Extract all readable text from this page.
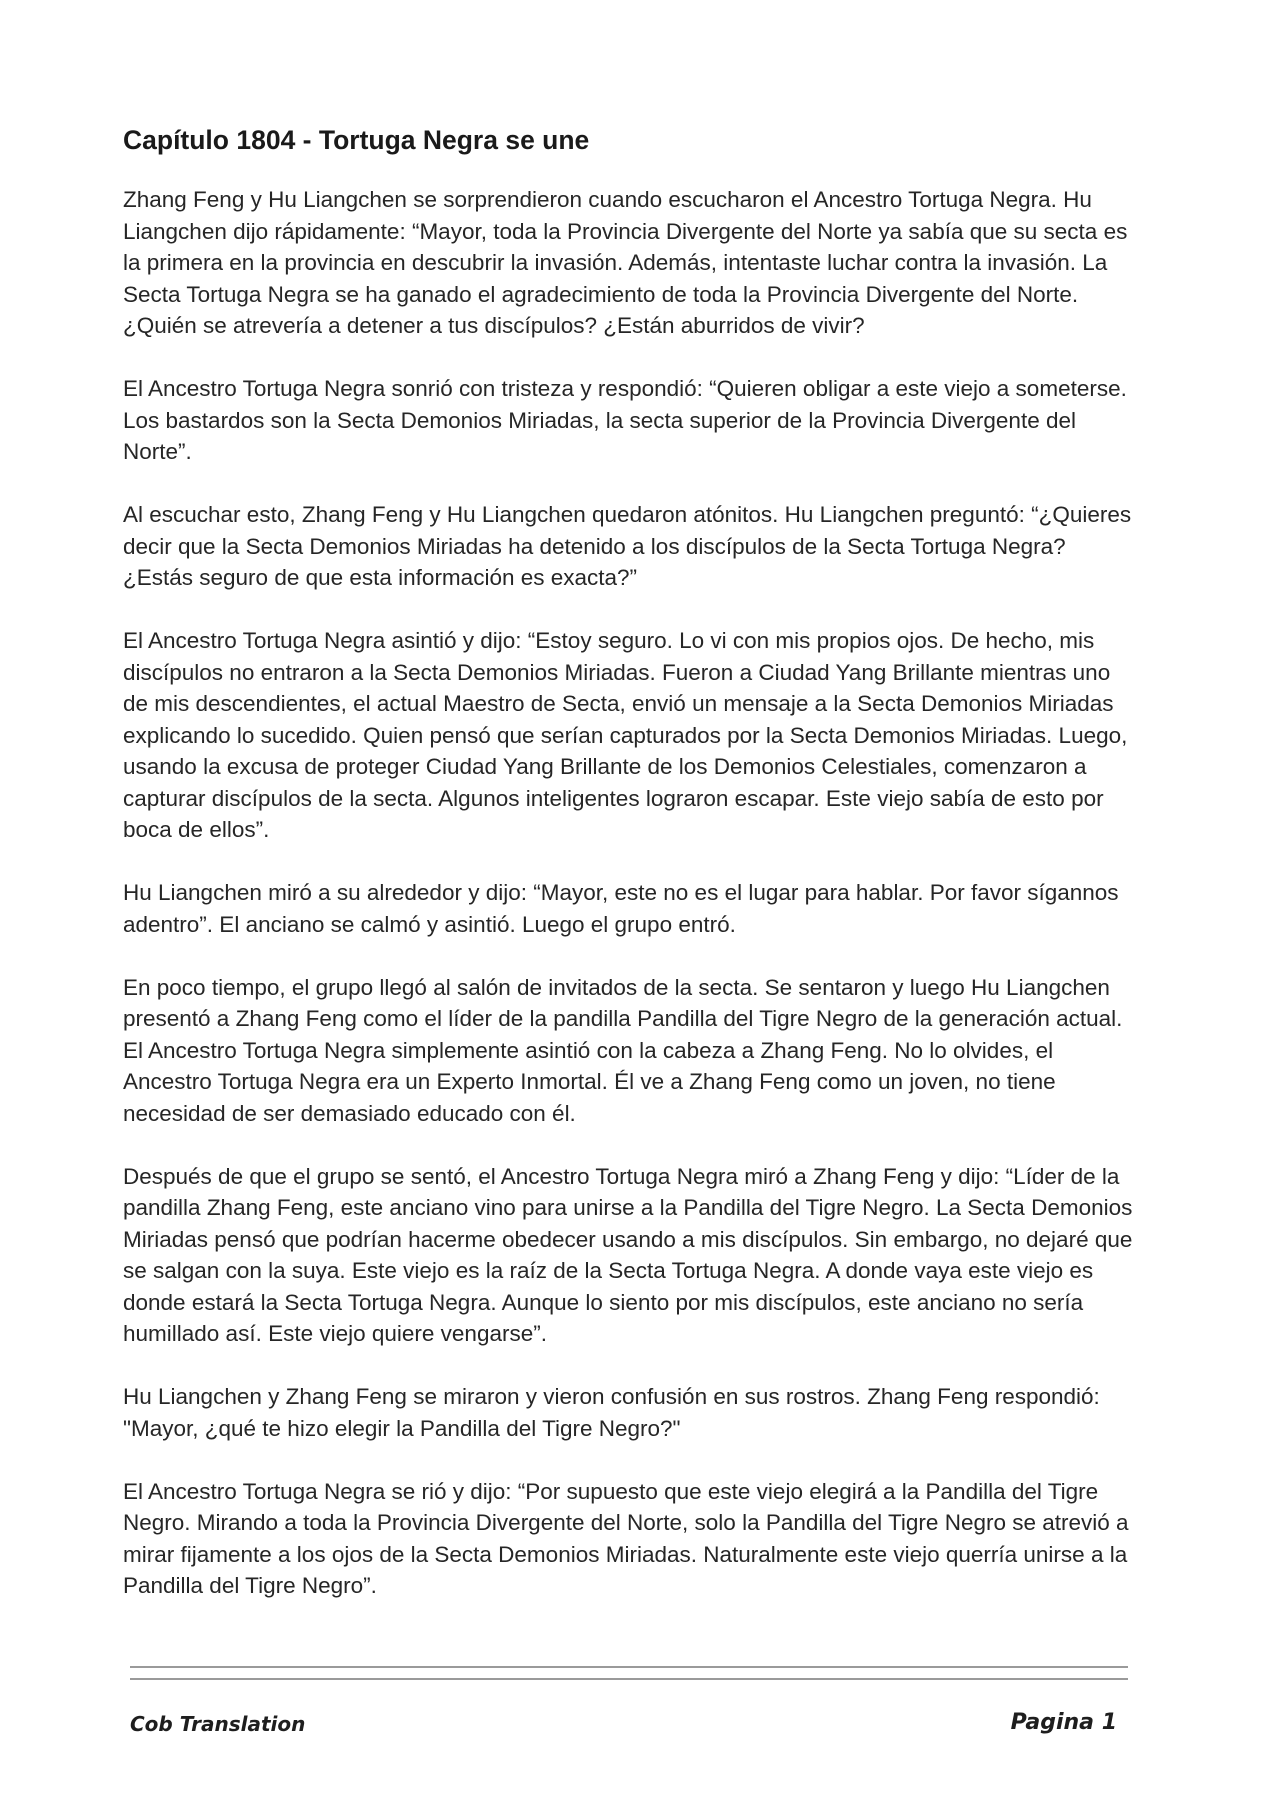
Capítulo 1804 - Tortuga Negra se une

Zhang Feng y Hu Liangchen se sorprendieron cuando escucharon el Ancestro Tortuga Negra. Hu Liangchen dijo rápidamente: “Mayor, toda la Provincia Divergente del Norte ya sabía que su secta es la primera en la provincia en descubrir la invasión. Además, intentaste luchar contra la invasión. La Secta Tortuga Negra se ha ganado el agradecimiento de toda la Provincia Divergente del Norte. ¿Quién se atrevería a detener a tus discípulos? ¿Están aburridos de vivir?

El Ancestro Tortuga Negra sonrió con tristeza y respondió: “Quieren obligar a este viejo a someterse. Los bastardos son la Secta Demonios Miriadas, la secta superior de la Provincia Divergente del Norte”.

Al escuchar esto, Zhang Feng y Hu Liangchen quedaron atónitos. Hu Liangchen preguntó: “¿Quieres decir que la Secta Demonios Miriadas ha detenido a los discípulos de la Secta Tortuga Negra? ¿Estás seguro de que esta información es exacta?”

El Ancestro Tortuga Negra asintió y dijo: “Estoy seguro. Lo vi con mis propios ojos. De hecho, mis discípulos no entraron a la Secta Demonios Miriadas. Fueron a Ciudad Yang Brillante mientras uno de mis descendientes, el actual Maestro de Secta, envió un mensaje a la Secta Demonios Miriadas explicando lo sucedido. Quien pensó que serían capturados por la Secta Demonios Miriadas. Luego, usando la excusa de proteger Ciudad Yang Brillante de los Demonios Celestiales, comenzaron a capturar discípulos de la secta. Algunos inteligentes lograron escapar. Este viejo sabía de esto por boca de ellos”.

Hu Liangchen miró a su alrededor y dijo: “Mayor, este no es el lugar para hablar. Por favor sígannos adentro”. El anciano se calmó y asintió. Luego el grupo entró.

En poco tiempo, el grupo llegó al salón de invitados de la secta. Se sentaron y luego Hu Liangchen presentó a Zhang Feng como el líder de la pandilla Pandilla del Tigre Negro de la generación actual. El Ancestro Tortuga Negra simplemente asintió con la cabeza a Zhang Feng. No lo olvides, el Ancestro Tortuga Negra era un Experto Inmortal. Él ve a Zhang Feng como un joven, no tiene necesidad de ser demasiado educado con él.

Después de que el grupo se sentó, el Ancestro Tortuga Negra miró a Zhang Feng y dijo: “Líder de la pandilla Zhang Feng, este anciano vino para unirse a la Pandilla del Tigre Negro. La Secta Demonios Miriadas pensó que podrían hacerme obedecer usando a mis discípulos. Sin embargo, no dejaré que se salgan con la suya. Este viejo es la raíz de la Secta Tortuga Negra. A donde vaya este viejo es donde estará la Secta Tortuga Negra. Aunque lo siento por mis discípulos, este anciano no sería humillado así. Este viejo quiere vengarse”.

Hu Liangchen y Zhang Feng se miraron y vieron confusión en sus rostros. Zhang Feng respondió: "Mayor, ¿qué te hizo elegir la Pandilla del Tigre Negro?"

El Ancestro Tortuga Negra se rió y dijo: “Por supuesto que este viejo elegirá a la Pandilla del Tigre Negro. Mirando a toda la Provincia Divergente del Norte, solo la Pandilla del Tigre Negro se atrevió a mirar fijamente a los ojos de la Secta Demonios Miriadas. Naturalmente este viejo querría unirse a la Pandilla del Tigre Negro”.

Cob Translation	Pagina 1
